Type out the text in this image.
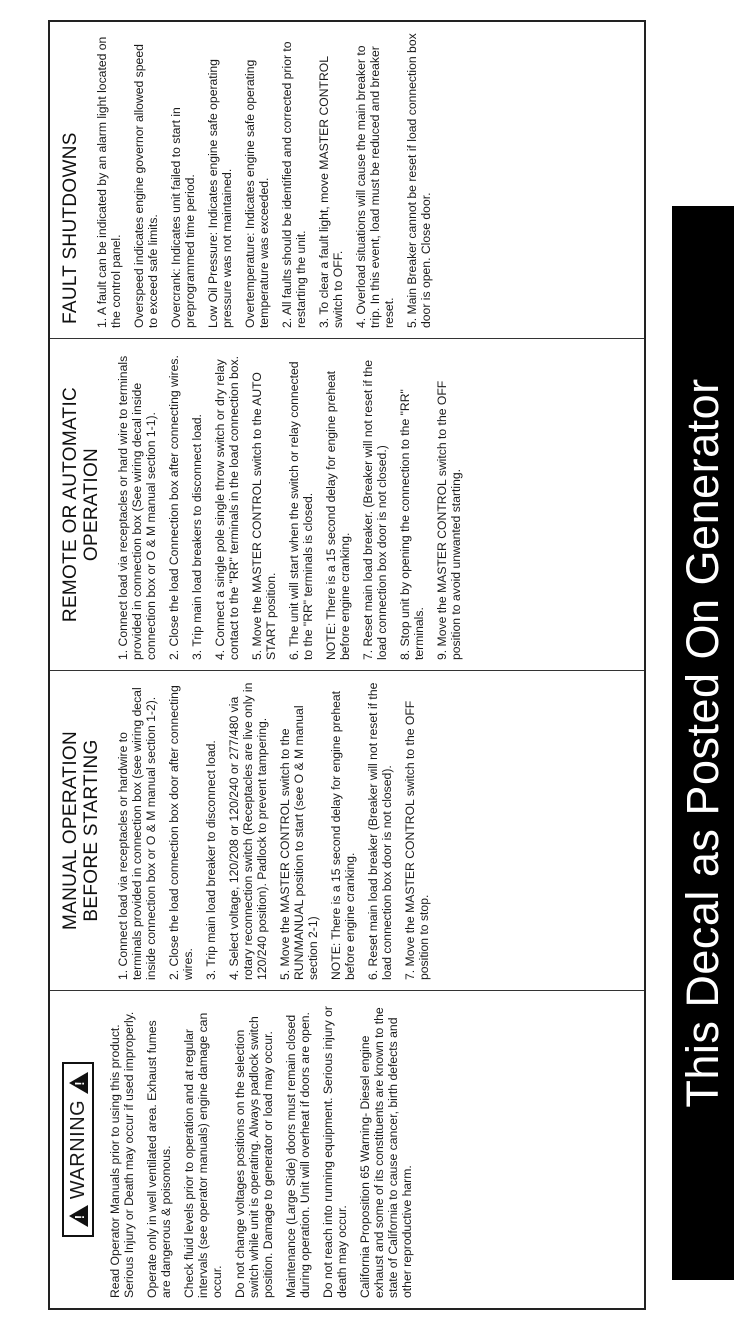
!
WARNING
! Read Operator Manuals prior to using this product. Serious Injury or Death may occur if used improperly. Operate only in well ventilated area. Exhaust fumes are dangerous & poisonous. Check fluid levels prior to operation and at regular intervals (see operator manuals) engine damage can occur. Do not change voltages positions on the selection switch while unit is operating. Always padlock switch position. Damage to generator or load may occur. Maintenance (Large Side) doors must remain closed during operation. Unit will overheat if doors are open. Do not reach into running equipment. Serious injury or death may occur. California Proposition 65 Warning- Diesel engine exhaust and some of its constituents are known to the state of California to cause cancer, birth defects and other reproductive harm.

MANUAL OPERATION BEFORE STARTING 1. Connect load via receptacles or hardwire to terminals provided in connection box (see wiring decal inside connection box or O & M manual section 1-2). 2. Close the load connection box door after connecting wires. 3. Trip main load breaker to disconnect load. 4. Select voltage, 120/208 or 120/240 or 277/480 via rotary reconnection switch (Receptacles are live only in 120/240 position). Padlock to prevent tampering. 5. Move the MASTER CONTROL switch to the RUN/MANUAL position to start (see O & M manual section 2-1) NOTE: There is a 15 second delay for engine preheat before engine cranking. 6. Reset main load breaker (Breaker will not reset if the load connection box door is not closed). 7. Move the MASTER CONTROL switch to the OFF position to stop.

REMOTE OR AUTOMATIC OPERATION 1. Connect load via receptacles or hard wire to terminals provided in connection box (See wiring decal inside connection box or O & M manual section 1-1). 2. Close the load Connection box after connecting wires. 3. Trip main load breakers to disconnect load. 4. Connect a single pole single throw switch or dry relay contact to the "RR" terminals in the load connection box. 5. Move the MASTER CONTROL switch to the AUTO START position. 6. The unit will start when the switch or relay connected to the "RR" terminals is closed. NOTE: There is a 15 second delay for engine preheat before engine cranking. 7. Reset main load breaker. (Breaker will not reset if the load connection box door is not closed.) 8. Stop unit by opening the connection to the "RR" terminals. 9. Move the MASTER CONTROL switch to the OFF position to avoid unwanted starting.

FAULT SHUTDOWNS 1. A fault can be indicated by an alarm light located on the control panel. Overspeed indicates engine governor allowed speed to exceed safe limits. Overcrank: Indicates unit failed to start in preprogrammed time period. Low Oil Pressure: Indicates engine safe operating pressure was not maintained. Overtemperature: Indicates engine safe operating temperature was exceeded. 2. All faults should be identified and corrected prior to restarting the unit. 3. To clear a fault light, move MASTER CONTROL switch to OFF. 4. Overload situations will cause the main breaker to trip. In this event, load must be reduced and breaker reset. 5. Main Breaker cannot be reset if load connection box door is open. Close door.

This Decal as Posted On Generator
